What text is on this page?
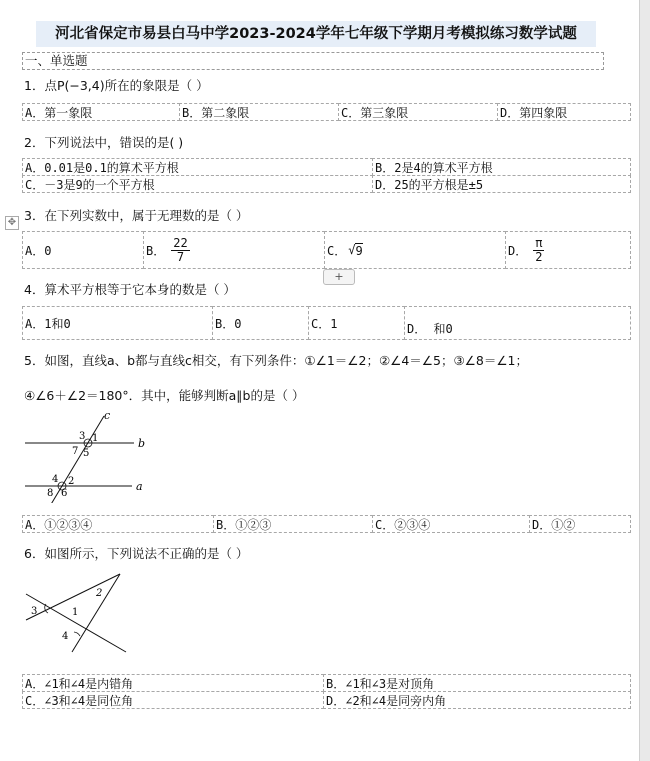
河北省保定市易县白马中学2023-2024学年七年级下学期月考模拟练习数学试题
一、单选题
1．点P(−3,4)所在的象限是（ ）
A．第一象限	B．第二象限	C．第三象限	D．第四象限
2．下列说法中，错误的是( )
A．0.01是0.1的算术平方根	B．2是4的算术平方根
C．－3是9的一个平方根	D．25的平方根是±5
✥ 3．在下列实数中，属于无理数的是（ ）
A．0	B． $\frac{22}{7}$	C． √ 9	D． $\frac{\pi}{2}$
+
4．算术平方根等于它本身的数是（ ）
A．1和0	B．0	C．1	D． 和0
5．如图，直线a、b都与直线c相交，有下列条件：①∠1＝∠2；②∠4＝∠5；③∠8＝∠1；
④∠6＋∠2＝180°．其中，能够判断a∥b的是（ ）
c
b
a
3 1
7 5
4 2
8 6
A．①②③④	B．①②③	C．②③④	D．①②
6．如图所示，下列说法不正确的是（ ）
2
1
3
4
A．∠1和∠4是内错角	B．∠1和∠3是对顶角
C．∠3和∠4是同位角	D．∠2和∠4是同旁内角
